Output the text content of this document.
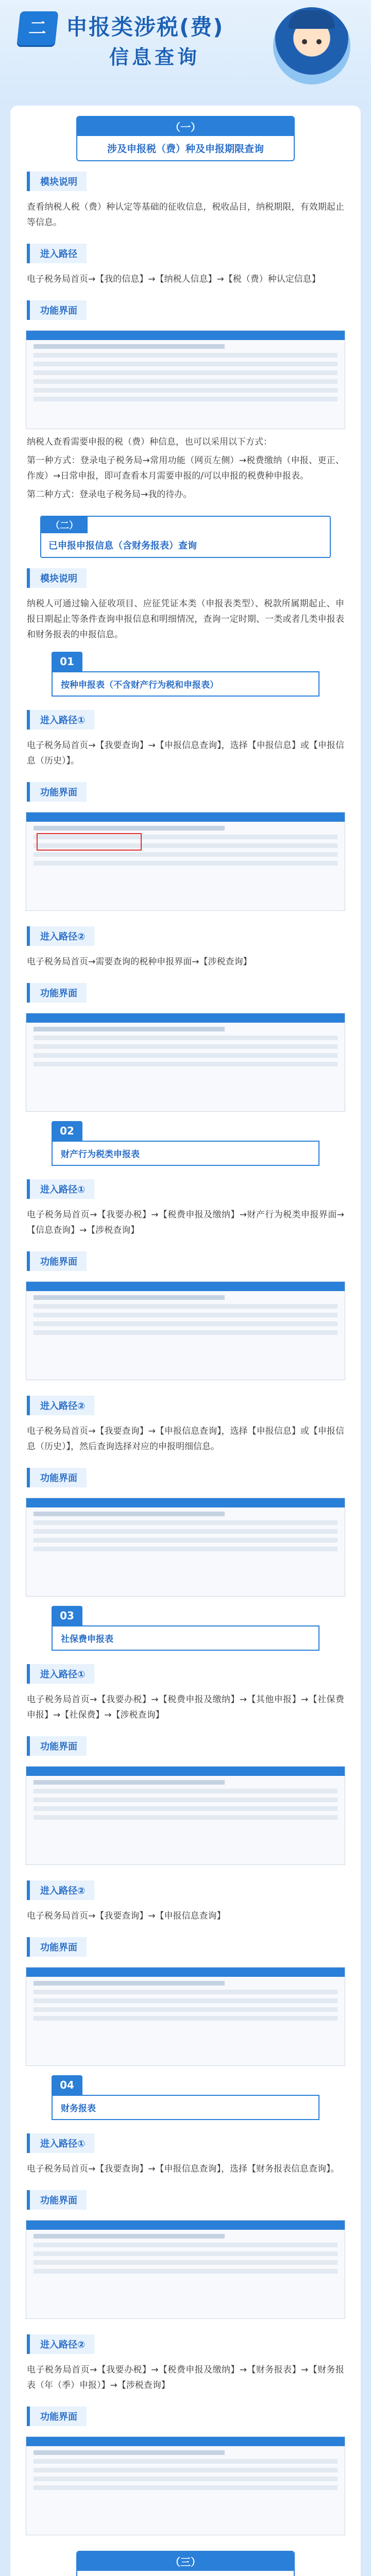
二 申报类涉税(费)
信息查询
（一）
涉及申报税（费）种及申报期限查询
模块说明
查看纳税人税（费）种认定等基础的征收信息，税收品目，纳税期限，有效期起止等信息。
进入路径
电子税务局首页→【我的信息】→【纳税人信息】→【税（费）种认定信息】
功能界面
纳税人查看需要申报的税（费）种信息，也可以采用以下方式：
第一种方式：登录电子税务局→常用功能（网页左侧）→税费缴纳（申报、更正、作废）→日常申报，即可查看本月需要申报的/可以申报的税费种申报表。
第二种方式：登录电子税务局→我的待办。
（二）
已申报申报信息（含财务报表）查询
模块说明
纳税人可通过输入征收项目、应征凭证本类（申报表类型）、税款所属期起止、申报日期起止等条件查询申报信息和明细情况，查询一定时期、一类或者几类申报表和财务报表的申报信息。
01
按种申报表（不含财产行为税和申报表）
进入路径①
电子税务局首页→【我要查询】→【申报信息查询】，选择【申报信息】或【申报信息（历史）】。
功能界面
进入路径②
电子税务局首页→需要查询的税种申报界面→【涉税查询】
功能界面
02
财产行为税类申报表
进入路径①
电子税务局首页→【我要办税】→【税费申报及缴纳】→财产行为税类申报界面→【信息查询】→【涉税查询】
功能界面
进入路径②
电子税务局首页→【我要查询】→【申报信息查询】，选择【申报信息】或【申报信息（历史）】，然后查询选择对应的申报明细信息。
功能界面
03
社保费申报表
进入路径①
电子税务局首页→【我要办税】→【税费申报及缴纳】→【其他申报】→【社保费申报】→【社保费】→【涉税查询】
功能界面
进入路径②
电子税务局首页→【我要查询】→【申报信息查询】
功能界面
04
财务报表
进入路径①
电子税务局首页→【我要查询】→【申报信息查询】，选择【财务报表信息查询】。
功能界面
进入路径②
电子税务局首页→【我要办税】→【税费申报及缴纳】→【财务报表】→【财务报表（年（季）申报）】→【涉税查询】
功能界面
（三）
